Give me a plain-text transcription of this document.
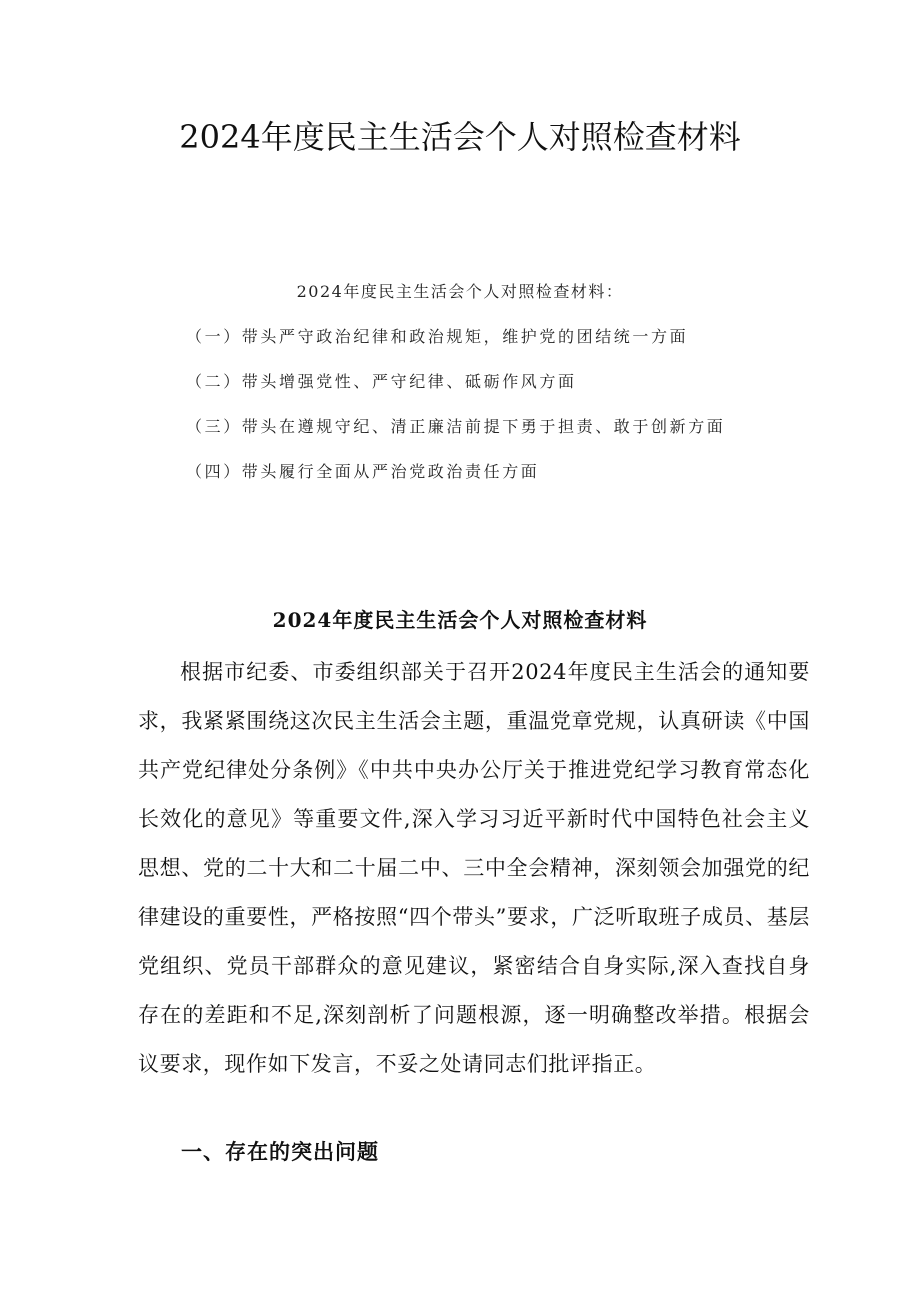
2024年度民主生活会个人对照检查材料
2024年度民主生活会个人对照检查材料：
（一）带头严守政治纪律和政治规矩，维护党的团结统一方面
（二）带头增强党性、严守纪律、砥砺作风方面
（三）带头在遵规守纪、清正廉洁前提下勇于担责、敢于创新方面
（四）带头履行全面从严治党政治责任方面
2024年度民主生活会个人对照检查材料
根据市纪委、市委组织部关于召开2024年度民主生活会的通知要求，我紧紧围绕这次民主生活会主题，重温党章党规，认真研读《中国共产党纪律处分条例》《中共中央办公厅关于推进党纪学习教育常态化长效化的意见》等重要文件,深入学习习近平新时代中国特色社会主义思想、党的二十大和二十届二中、三中全会精神，深刻领会加强党的纪律建设的重要性，严格按照“四个带头”要求，广泛听取班子成员、基层党组织、党员干部群众的意见建议，紧密结合自身实际,深入查找自身存在的差距和不足,深刻剖析了问题根源，逐一明确整改举措。根据会议要求，现作如下发言，不妥之处请同志们批评指正。
一、存在的突出问题
